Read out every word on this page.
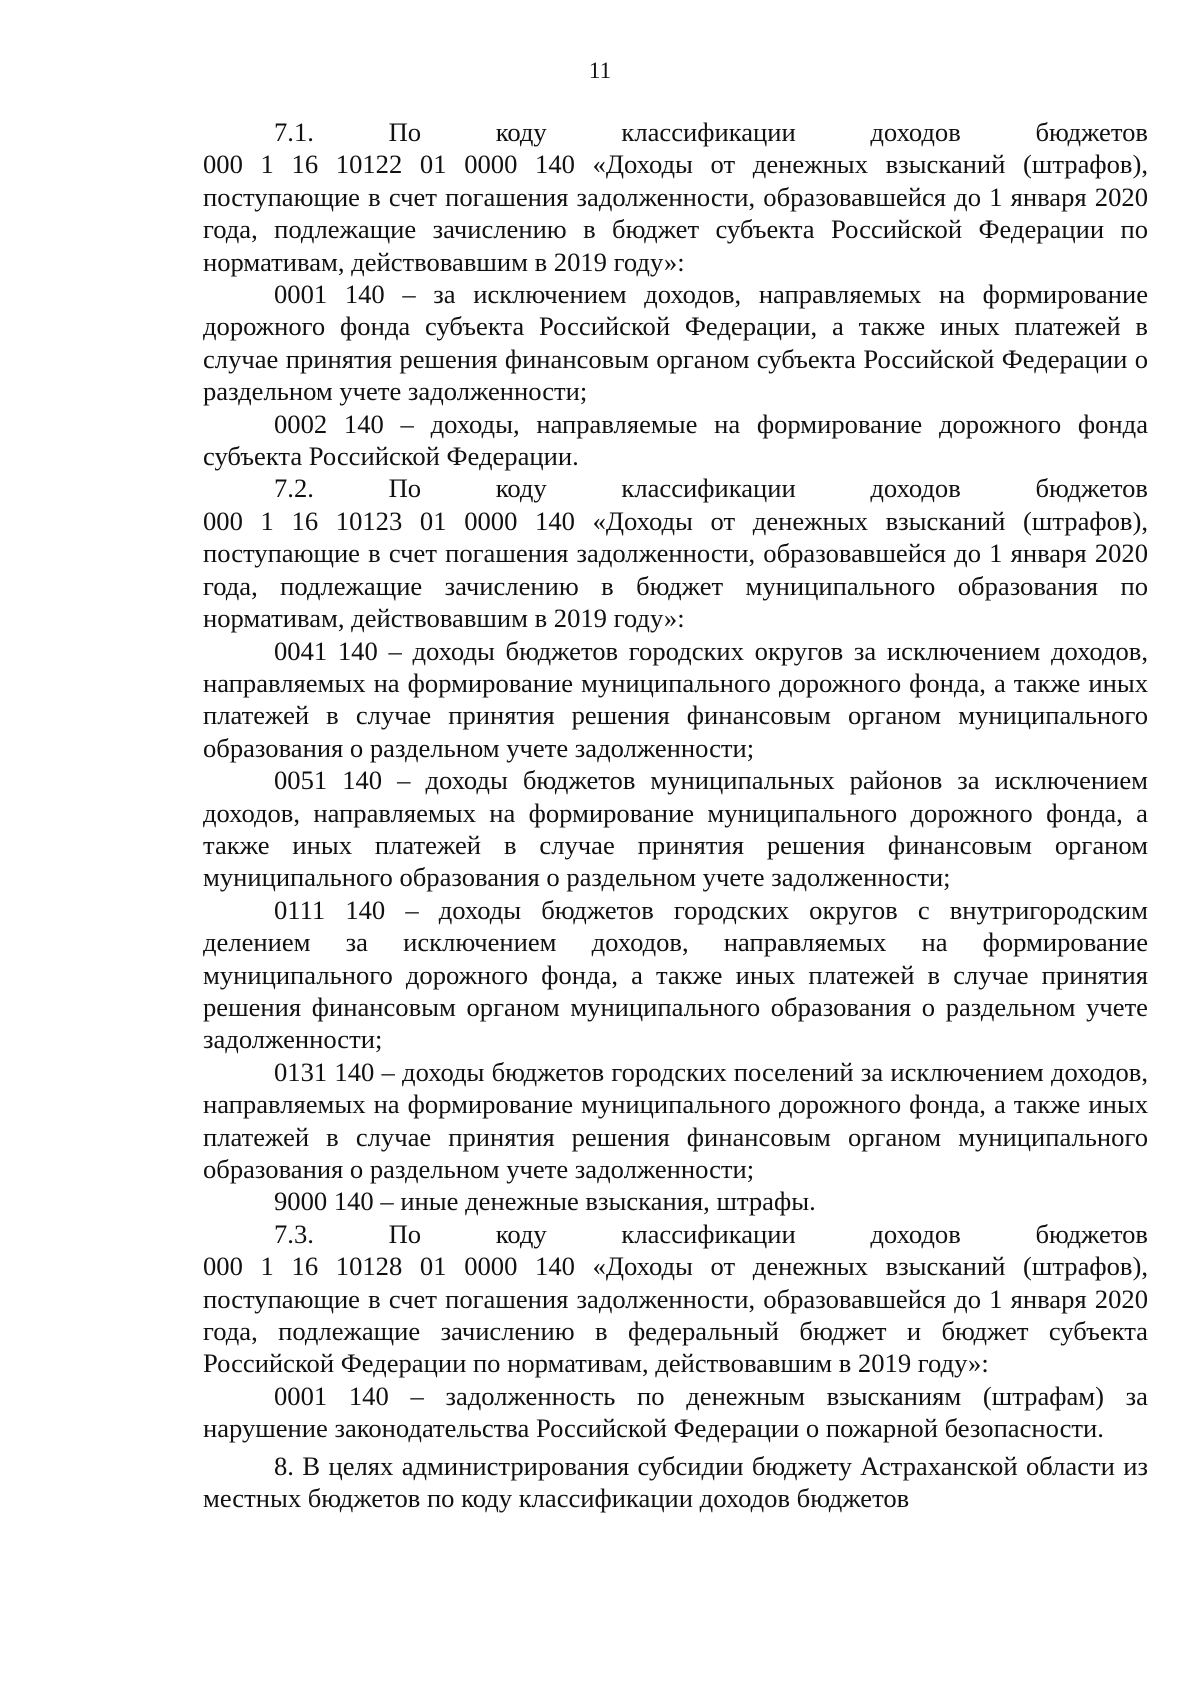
11

7.1. По кодy классификации доходов бюджетов

000 1 16 10122 01 0000 140 «Доходы от денежных взысканий (штрафов), поступающие в счет погашения задолженности, образовавшейся до 1 января 2020 года, подлежащие зачислению в бюджет субъекта Российской Федерации по нормативам, действовавшим в 2019 году»:

0001 140 – за исключением доходов, направляемых на формирование дорожного фонда субъекта Российской Федерации, а также иных платежей в случае принятия решения финансовым органом субъекта Российской Федерации о раздельном учете задолженности;

0002 140 – доходы, направляемые на формирование дорожного фонда субъекта Российской Федерации.

7.2. По кодy классификации доходов бюджетов

000 1 16 10123 01 0000 140 «Доходы от денежных взысканий (штрафов), поступающие в счет погашения задолженности, образовавшейся до 1 января 2020 года, подлежащие зачислению в бюджет муниципального образования по нормативам, действовавшим в 2019 году»:

0041 140 – доходы бюджетов городских округов за исключением доходов, направляемых на формирование муниципального дорожного фонда, а также иных платежей в случае принятия решения финансовым органом муниципального образования о раздельном учете задолженности;

0051 140 – доходы бюджетов муниципальных районов за исключением доходов, направляемых на формирование муниципального дорожного фонда, а также иных платежей в случае принятия решения финансовым органом муниципального образования о раздельном учете задолженности;

0111 140 – доходы бюджетов городских округов с внутригородским делением за исключением доходов, направляемых на формирование муниципального дорожного фонда, а также иных платежей в случае принятия решения финансовым органом муниципального образования о раздельном учете задолженности;

0131 140 – доходы бюджетов городских поселений за исключением доходов, направляемых на формирование муниципального дорожного фонда, а также иных платежей в случае принятия решения финансовым органом муниципального образования о раздельном учете задолженности;

9000 140 – иные денежные взыскания, штрафы.

7.3. По кодy классификации доходов бюджетов

000 1 16 10128 01 0000 140 «Доходы от денежных взысканий (штрафов), поступающие в счет погашения задолженности, образовавшейся до 1 января 2020 года, подлежащие зачислению в федеральный бюджет и бюджет субъекта Российской Федерации по нормативам, действовавшим в 2019 году»:

0001 140 – задолженность по денежным взысканиям (штрафам) за нарушение законодательства Российской Федерации о пожарной безопасности.

8. В целях администрирования субсидии бюджету Астраханской области из местных бюджетов по коду классификации доходов бюджетов
